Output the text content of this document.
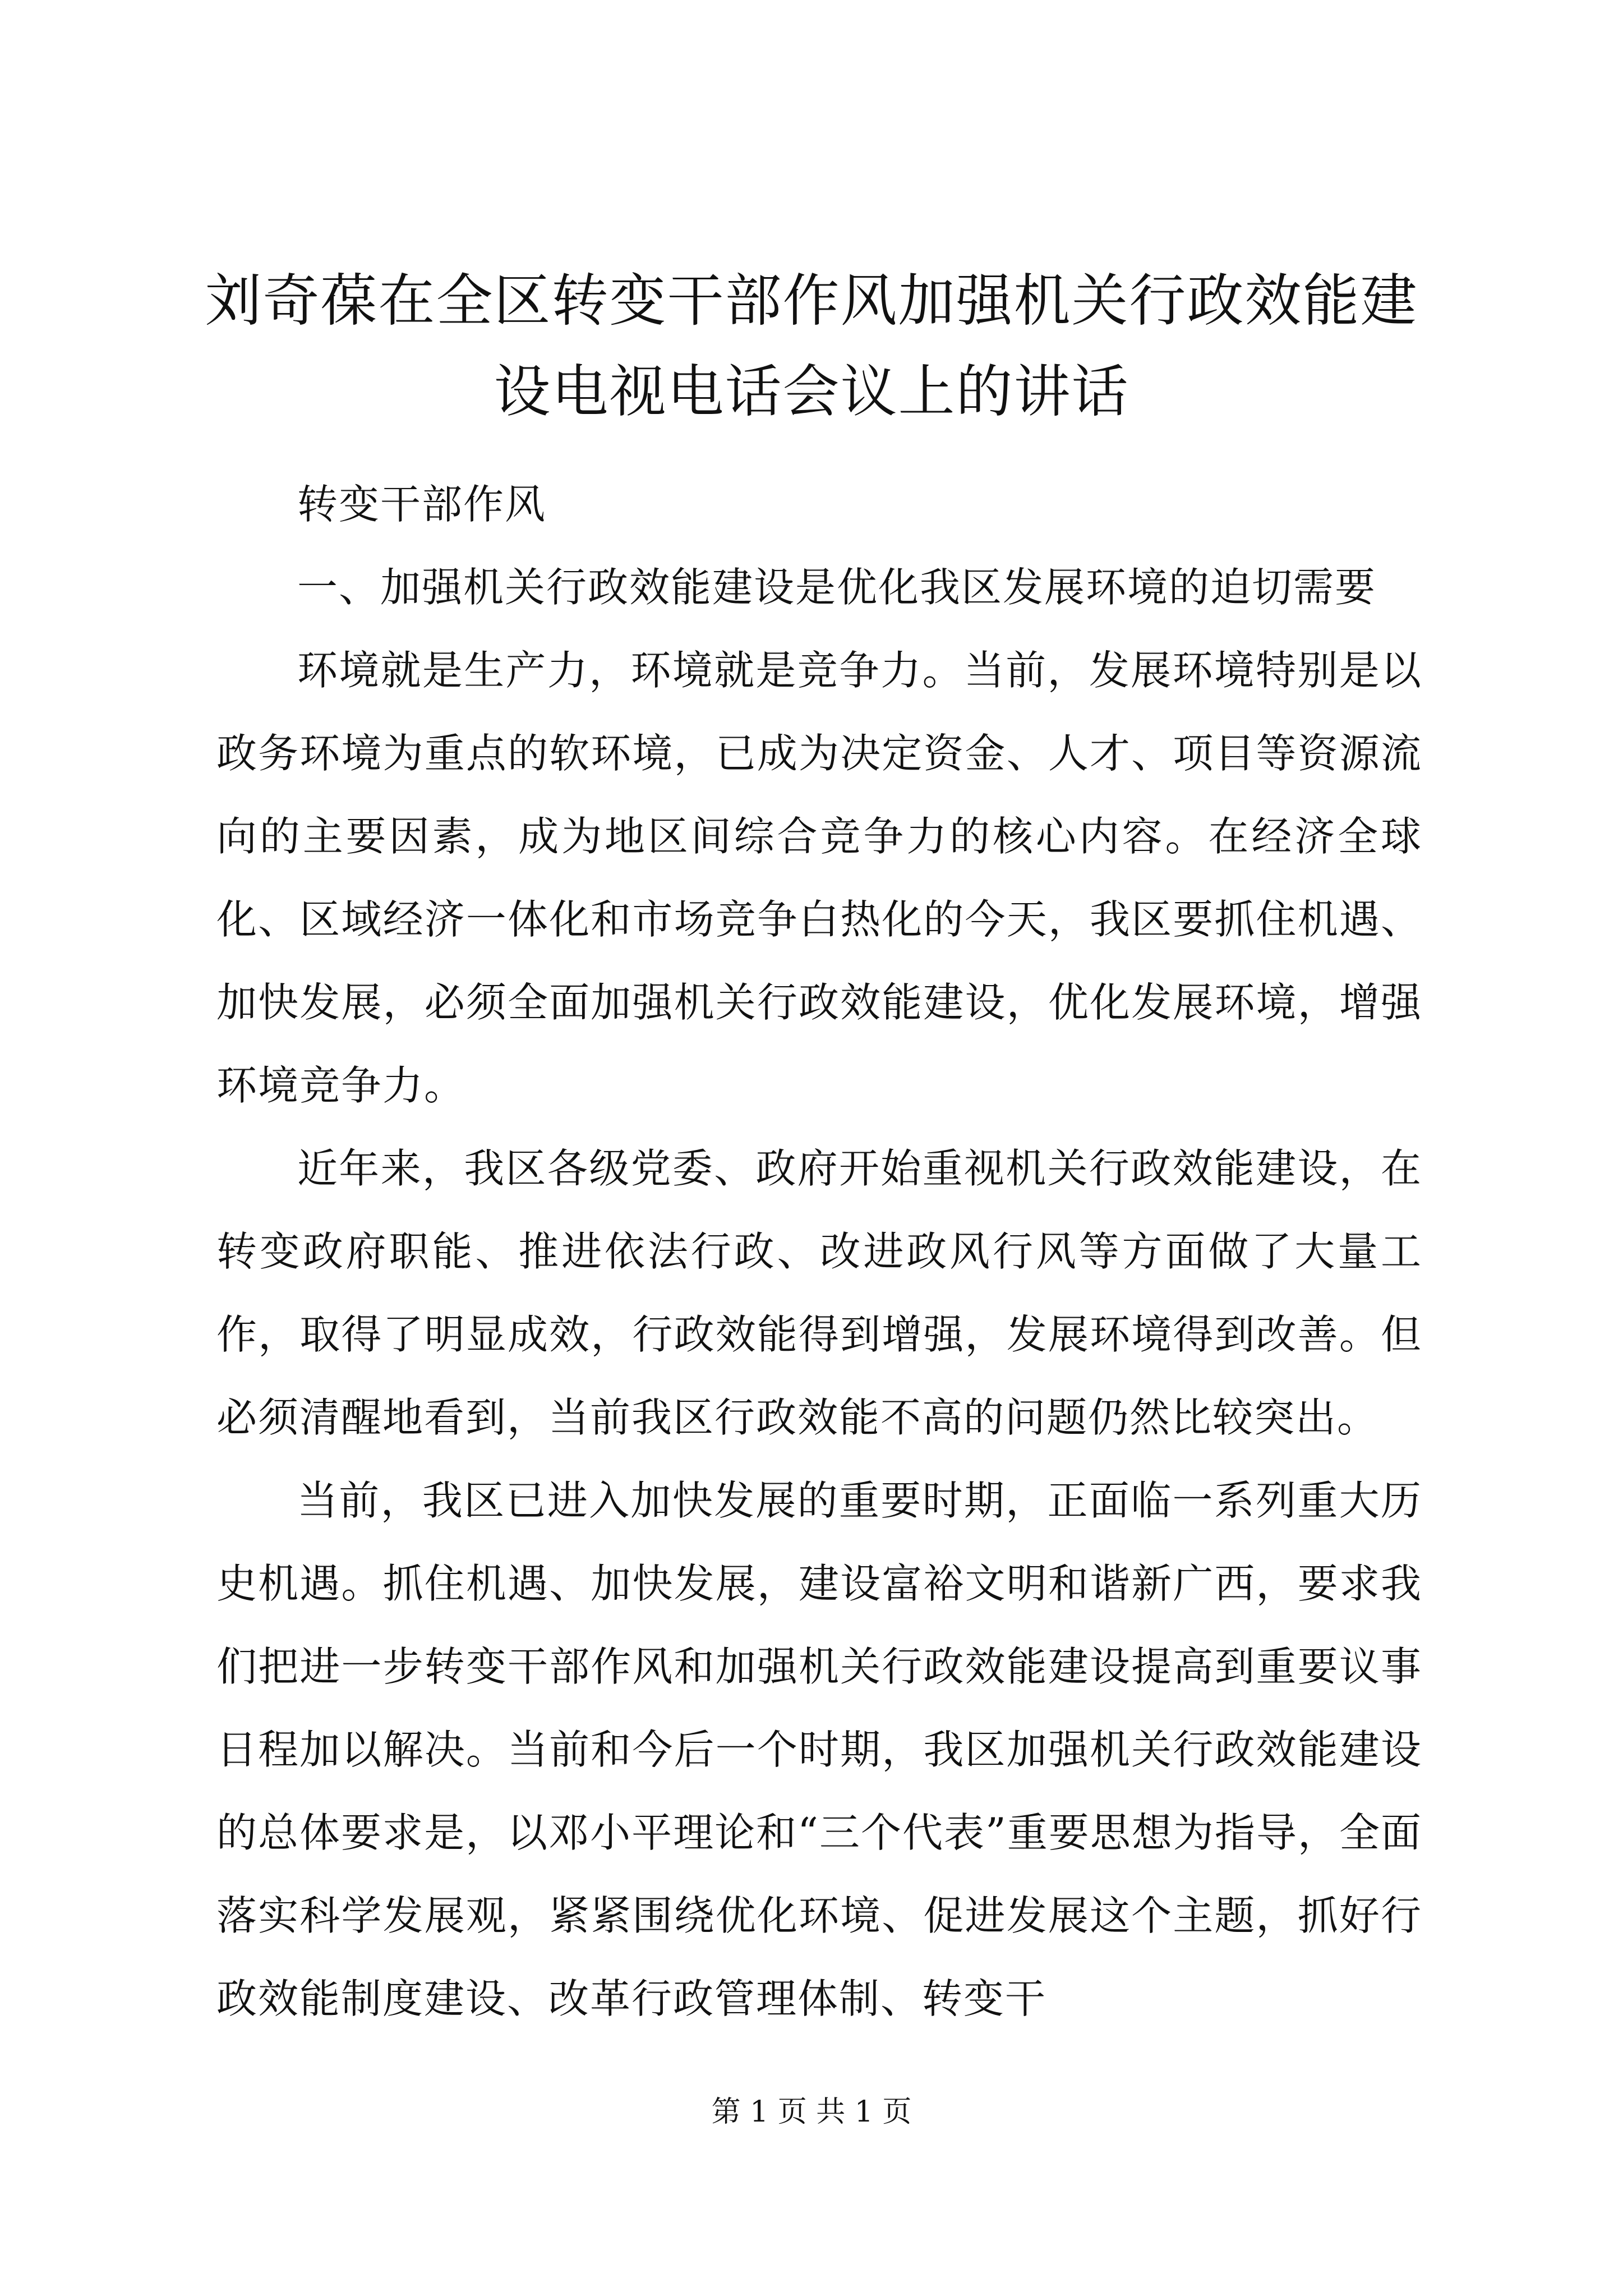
刘奇葆在全区转变干部作风加强机关行政效能建设电视电话会议上的讲话

转变干部作风

一、加强机关行政效能建设是优化我区发展环境的迫切需要

环境就是生产力，环境就是竞争力。当前，发展环境特别是以政务环境为重点的软环境，已成为决定资金、人才、项目等资源流向的主要因素，成为地区间综合竞争力的核心内容。在经济全球化、区域经济一体化和市场竞争白热化的今天，我区要抓住机遇、加快发展，必须全面加强机关行政效能建设，优化发展环境，增强环境竞争力。

近年来，我区各级党委、政府开始重视机关行政效能建设，在转变政府职能、推进依法行政、改进政风行风等方面做了大量工作，取得了明显成效，行政效能得到增强，发展环境得到改善。但必须清醒地看到，当前我区行政效能不高的问题仍然比较突出。

当前，我区已进入加快发展的重要时期，正面临一系列重大历史机遇。抓住机遇、加快发展，建设富裕文明和谐新广西，要求我们把进一步转变干部作风和加强机关行政效能建设提高到重要议事日程加以解决。当前和今后一个时期，我区加强机关行政效能建设的总体要求是，以邓小平理论和“三个代表”重要思想为指导，全面落实科学发展观，紧紧围绕优化环境、促进发展这个主题，抓好行政效能制度建设、改革行政管理体制、转变干

第 1 页 共 1 页
